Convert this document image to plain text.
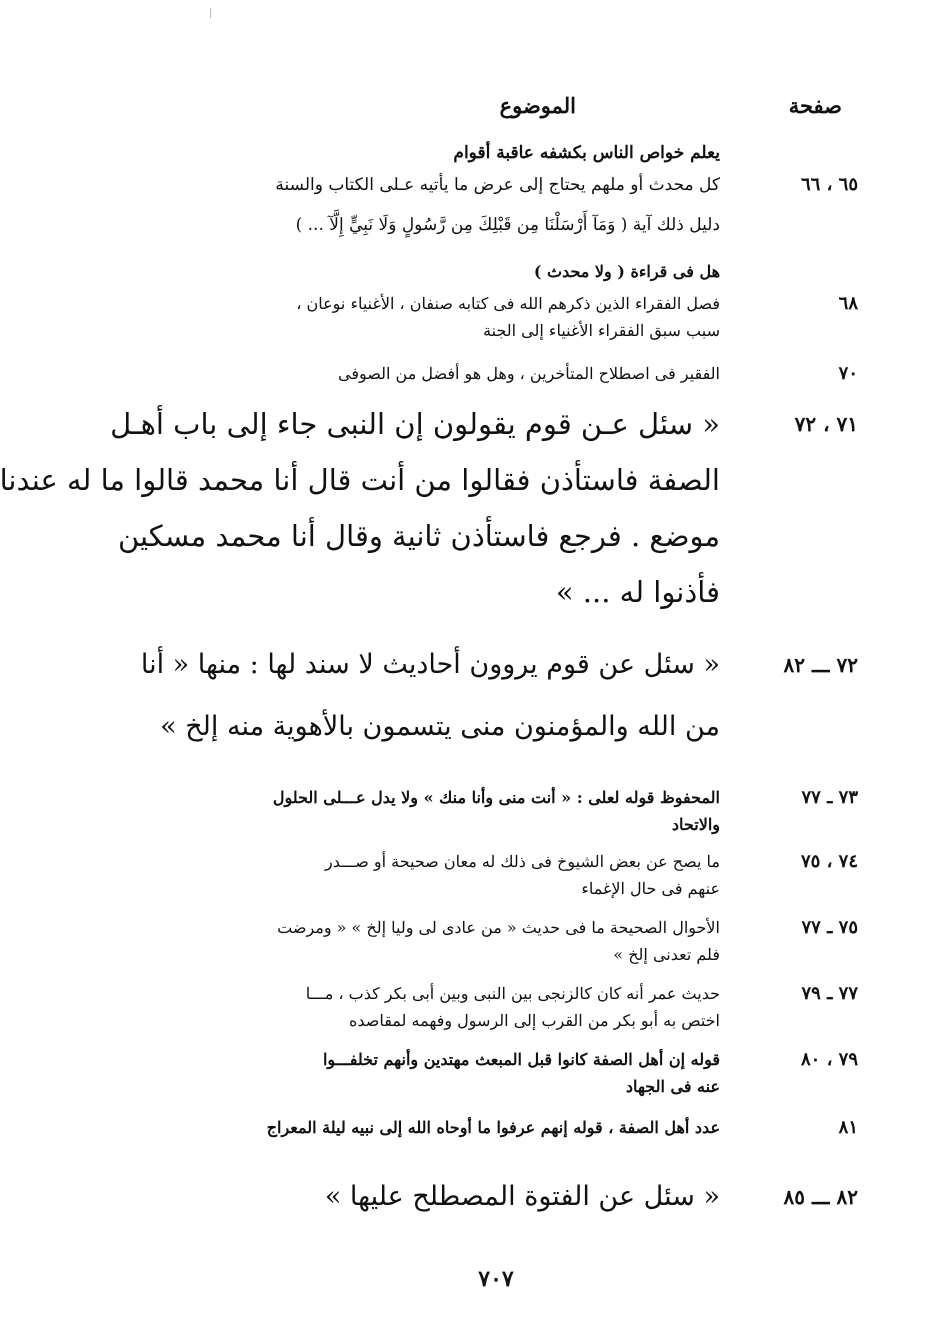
صفحة
الموضوع
يعلم خواص الناس بكشفه عاقبة أقوام
٦٥ ، ٦٦
كل محدث أو ملهم يحتاج إلى عرض ما يأتيه عـلى الكتاب والسنة
دليل ذلك آية ( وَمَآ أَرْسَلْنَا مِن قَبْلِكَ مِن رَّسُولٍ وَلَا نَبِيٍّ إِلَّآ ... )
هل فى قراءة ( ولا محدث )
٦٨
فصل الفقراء الذين ذكرهم الله فى كتابه صنفان ، الأغنياء نوعان ،
سبب سبق الفقراء الأغنياء إلى الجنة
٧٠
الفقير فى اصطلاح المتأخرين ، وهل هو أفضل من الصوفى
٧١ ، ٧٢
« سئل عـن قوم يقولون إن النبى جاء إلى باب أهـل
الصفة فاستأذن فقالوا من أنت قال أنا محمد قالوا ما له عندنا
موضع . فرجع فاستأذن ثانية وقال أنا محمد مسكين
فأذنوا له ... »
٧٢ ـــ ٨٢
« سئل عن قوم يروون أحاديث لا سند لها : منها « أنا
من الله والمؤمنون منى يتسمون بالأهوية منه إلخ »
٧٣ ـ ٧٧
المحفوظ قوله لعلى : « أنت منى وأنا منك » ولا يدل عـــلى الحلول
والاتحاد
٧٤ ، ٧٥
ما يصح عن بعض الشيوخ فى ذلك له معان صحيحة أو صـــدر
عنهم فى حال الإغماء
٧٥ ـ ٧٧
الأحوال الصحيحة ما فى حديث « من عادى لى وليا إلخ » « ومرضت
فلم تعدنى إلخ »
٧٧ ـ ٧٩
حديث عمر أنه كان كالزنجى بين النبى وبين أبى بكر كذب ، مـــا
اختص به أبو بكر من القرب إلى الرسول وفهمه لمقاصده
٧٩ ، ٨٠
قوله إن أهل الصفة كانوا قبل المبعث مهتدين وأنهم تخلفـــوا
عنه فى الجهاد
٨١
عدد أهل الصفة ، قوله إنهم عرفوا ما أوحاه الله إلى نبيه ليلة المعراج
٨٢ ـــ ٨٥
« سئل عن الفتوة المصطلح عليها »
٧٠٧
